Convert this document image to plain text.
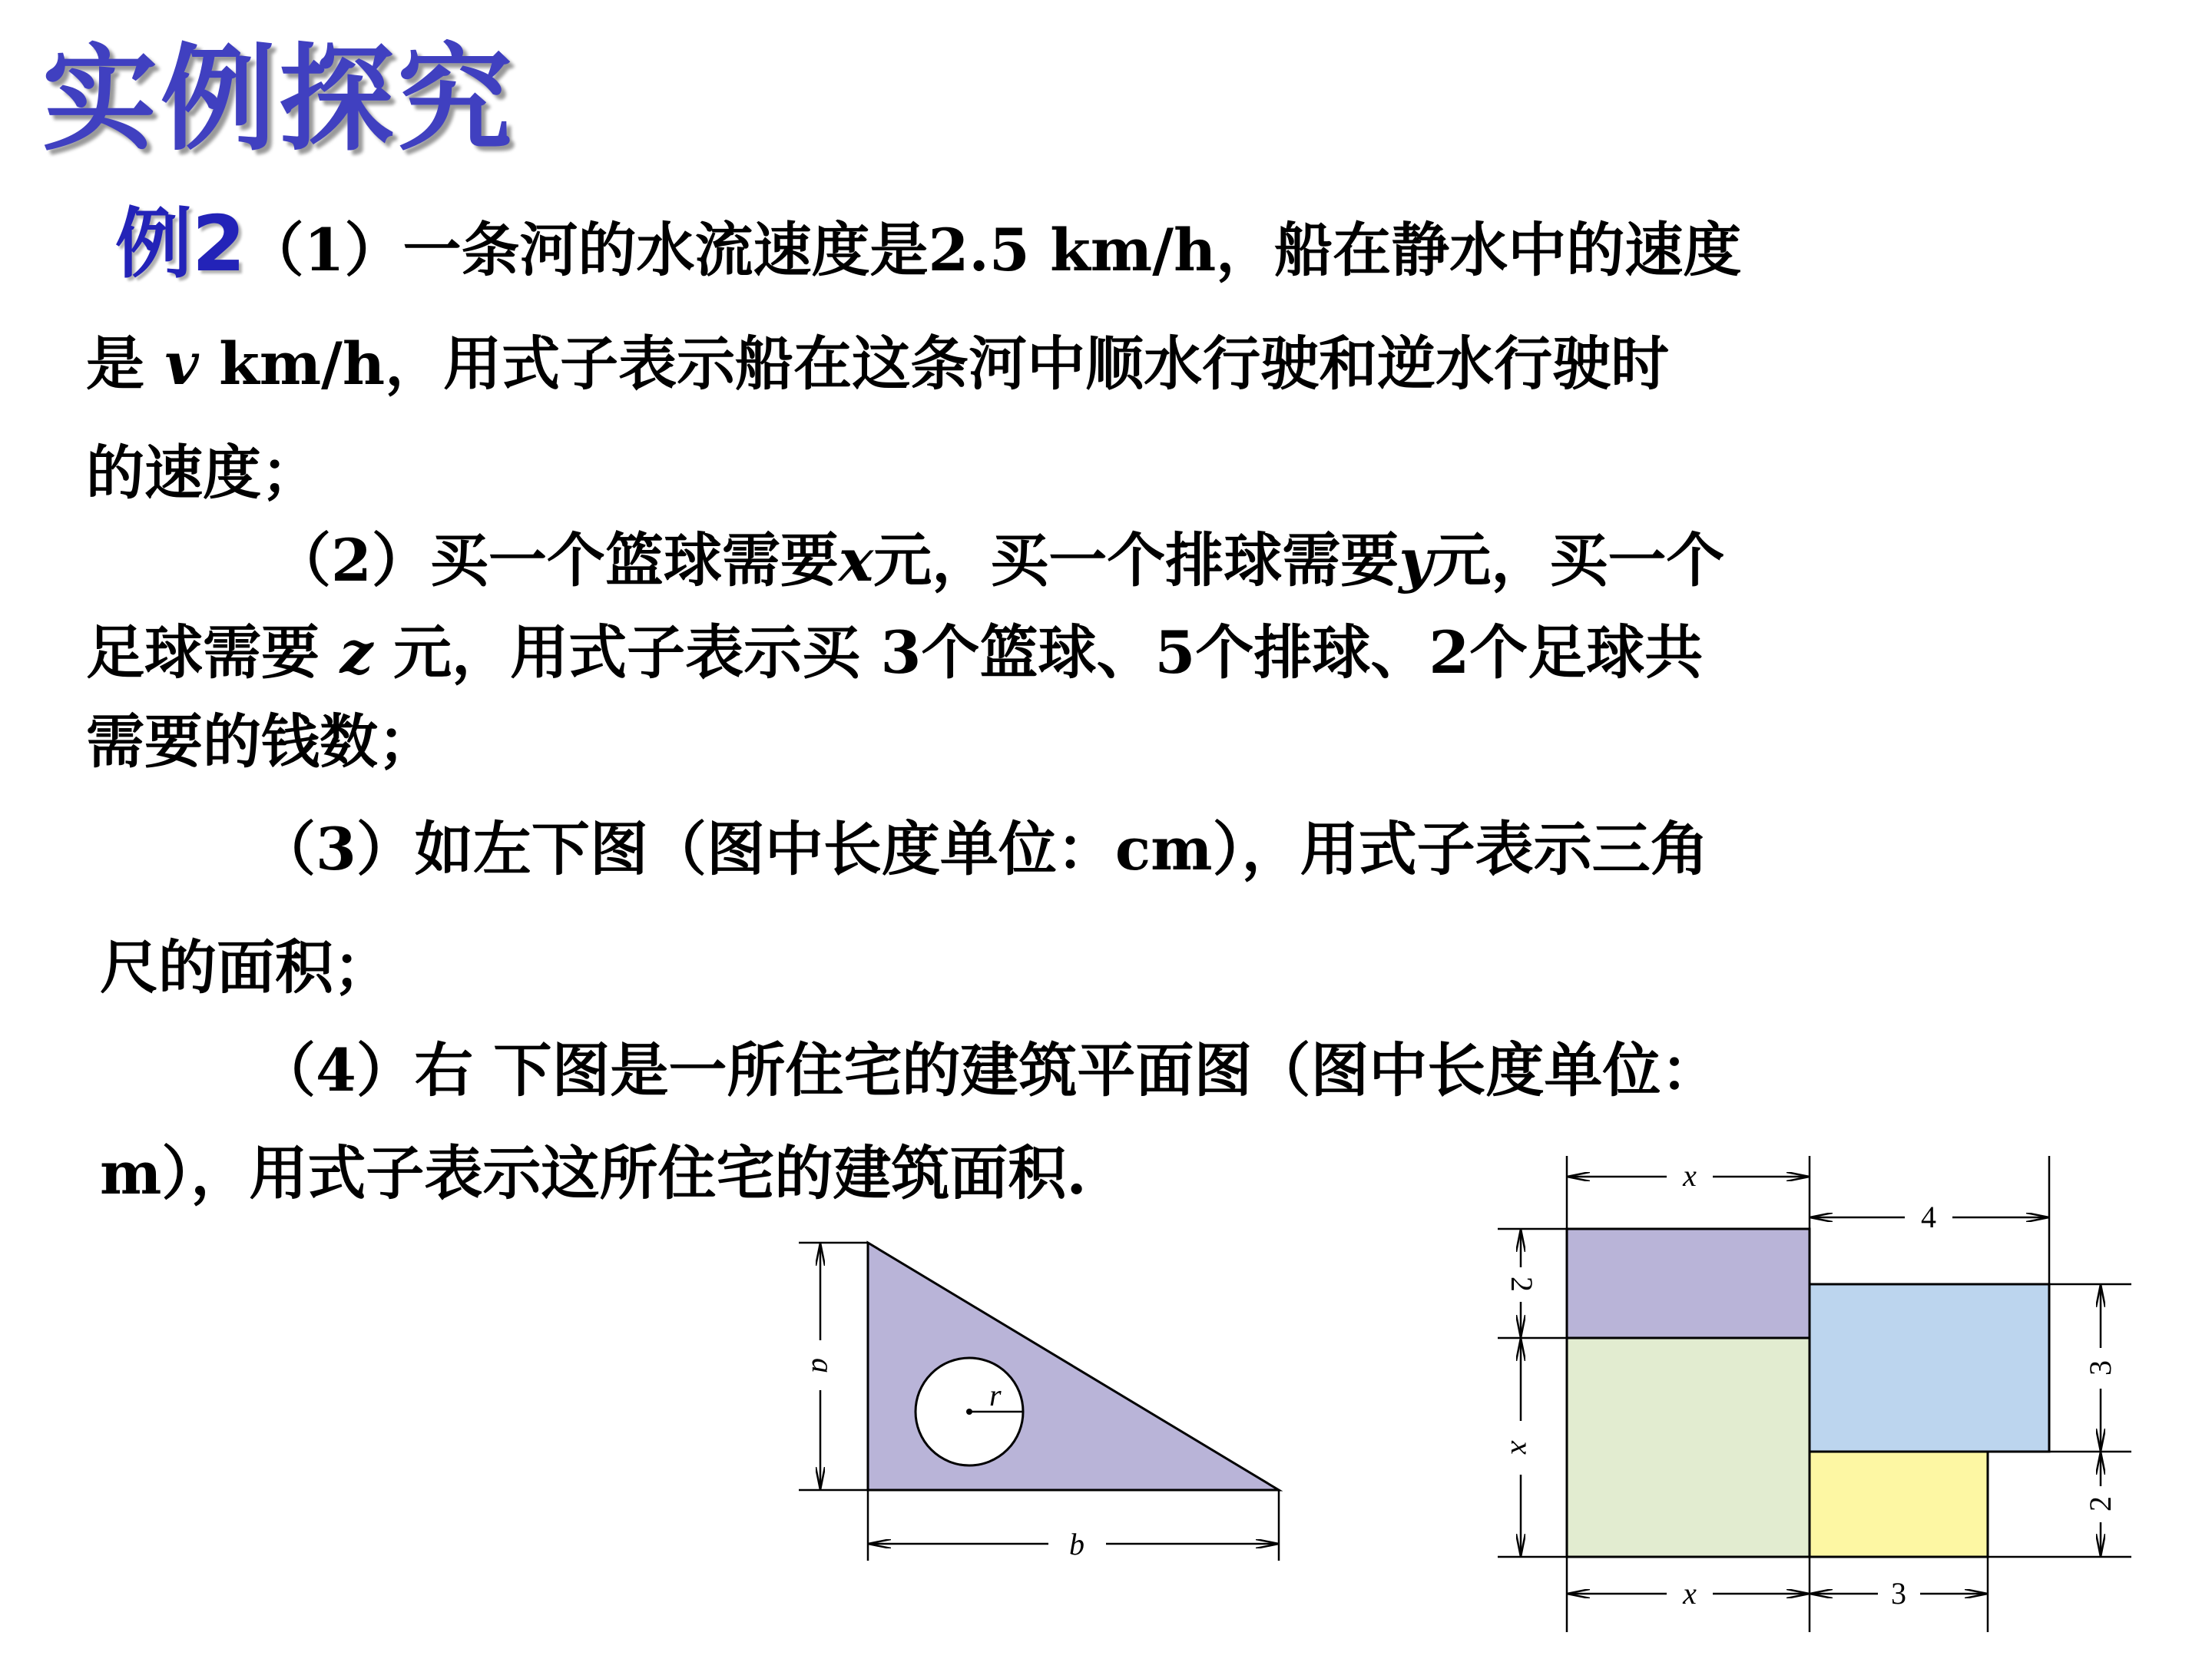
实例探究
例2（1）一条河的水流速度是2.5 km/h，船在静水中的速度
是 v km/h，用式子表示船在这条河中顺水行驶和逆水行驶时
的速度；
（2）买一个篮球需要x元，买一个排球需要y元，买一个
足球需要 z 元，用式子表示买 3个篮球、5个排球、2个足球共
需要的钱数；
（3）如左下图（图中长度单位：cm），用式子表示三角
尺的面积；
（4）右 下图是一所住宅的建筑平面图（图中长度单位：
m），用式子表示这所住宅的建筑面积.
r
a
b
x
4
2
x
3
2
x	3
